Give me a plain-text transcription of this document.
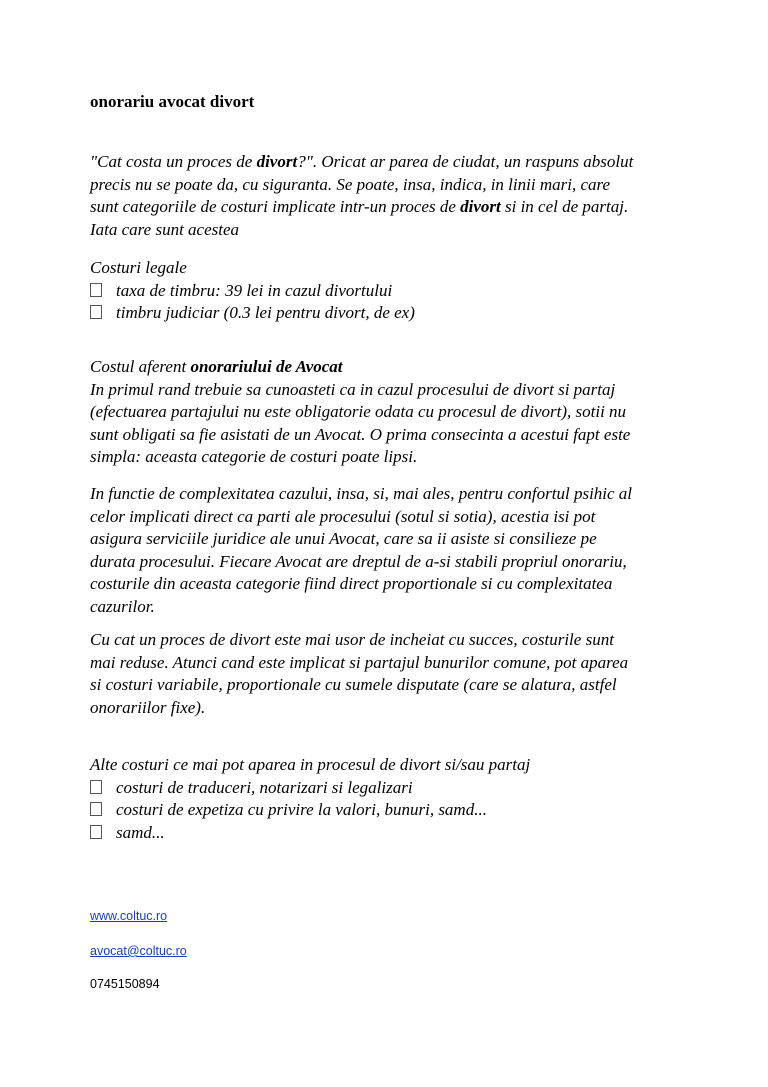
onorariu avocat divort
"Cat costa un proces de divort?". Oricat ar parea de ciudat, un raspuns absolut
precis nu se poate da, cu siguranta. Se poate, insa, indica, in linii mari, care
sunt categoriile de costuri implicate intr-un proces de divort si in cel de partaj.
Iata care sunt acestea
Costuri legale
taxa de timbru: 39 lei in cazul divortului
timbru judiciar (0.3 lei pentru divort, de ex)
Costul aferent onorariului de Avocat
In primul rand trebuie sa cunoasteti ca in cazul procesului de divort si partaj
(efectuarea partajului nu este obligatorie odata cu procesul de divort), sotii nu
sunt obligati sa fie asistati de un Avocat. O prima consecinta a acestui fapt este
simpla: aceasta categorie de costuri poate lipsi.
In functie de complexitatea cazului, insa, si, mai ales, pentru confortul psihic al
celor implicati direct ca parti ale procesului (sotul si sotia), acestia isi pot
asigura serviciile juridice ale unui Avocat, care sa ii asiste si consilieze pe
durata procesului. Fiecare Avocat are dreptul de a-si stabili propriul onorariu,
costurile din aceasta categorie fiind direct proportionale si cu complexitatea
cazurilor.
Cu cat un proces de divort este mai usor de incheiat cu succes, costurile sunt
mai reduse. Atunci cand este implicat si partajul bunurilor comune, pot aparea
si costuri variabile, proportionale cu sumele disputate (care se alatura, astfel
onorariilor fixe).
Alte costuri ce mai pot aparea in procesul de divort si/sau partaj
costuri de traduceri, notarizari si legalizari
costuri de expetiza cu privire la valori, bunuri, samd...
samd...
www.coltuc.ro
avocat@coltuc.ro
0745150894
